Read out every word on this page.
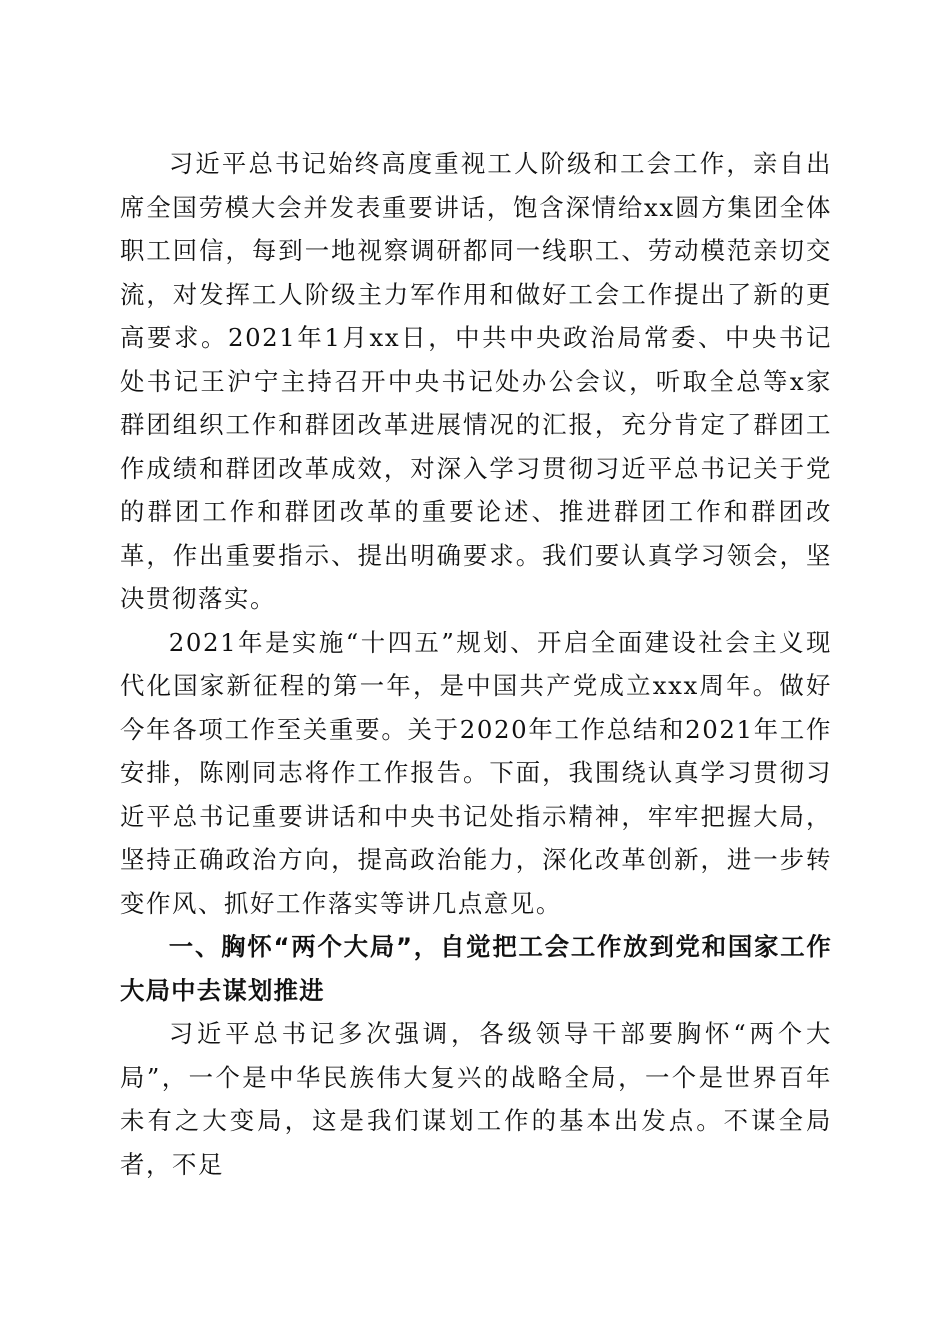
习近平总书记始终高度重视工人阶级和工会工作，亲自出席全国劳模大会并发表重要讲话，饱含深情给xx圆方集团全体职工回信，每到一地视察调研都同一线职工、劳动模范亲切交流，对发挥工人阶级主力军作用和做好工会工作提出了新的更高要求。2021年1月xx日，中共中央政治局常委、中央书记处书记王沪宁主持召开中央书记处办公会议，听取全总等x家群团组织工作和群团改革进展情况的汇报，充分肯定了群团工作成绩和群团改革成效，对深入学习贯彻习近平总书记关于党的群团工作和群团改革的重要论述、推进群团工作和群团改革，作出重要指示、提出明确要求。我们要认真学习领会，坚决贯彻落实。

2021年是实施“十四五”规划、开启全面建设社会主义现代化国家新征程的第一年，是中国共产党成立xxx周年。做好今年各项工作至关重要。关于2020年工作总结和2021年工作安排，陈刚同志将作工作报告。下面，我围绕认真学习贯彻习近平总书记重要讲话和中央书记处指示精神，牢牢把握大局，坚持正确政治方向，提高政治能力，深化改革创新，进一步转变作风、抓好工作落实等讲几点意见。

一、胸怀“两个大局”，自觉把工会工作放到党和国家工作大局中去谋划推进

习近平总书记多次强调，各级领导干部要胸怀“两个大局”，一个是中华民族伟大复兴的战略全局，一个是世界百年未有之大变局，这是我们谋划工作的基本出发点。不谋全局者，不足
